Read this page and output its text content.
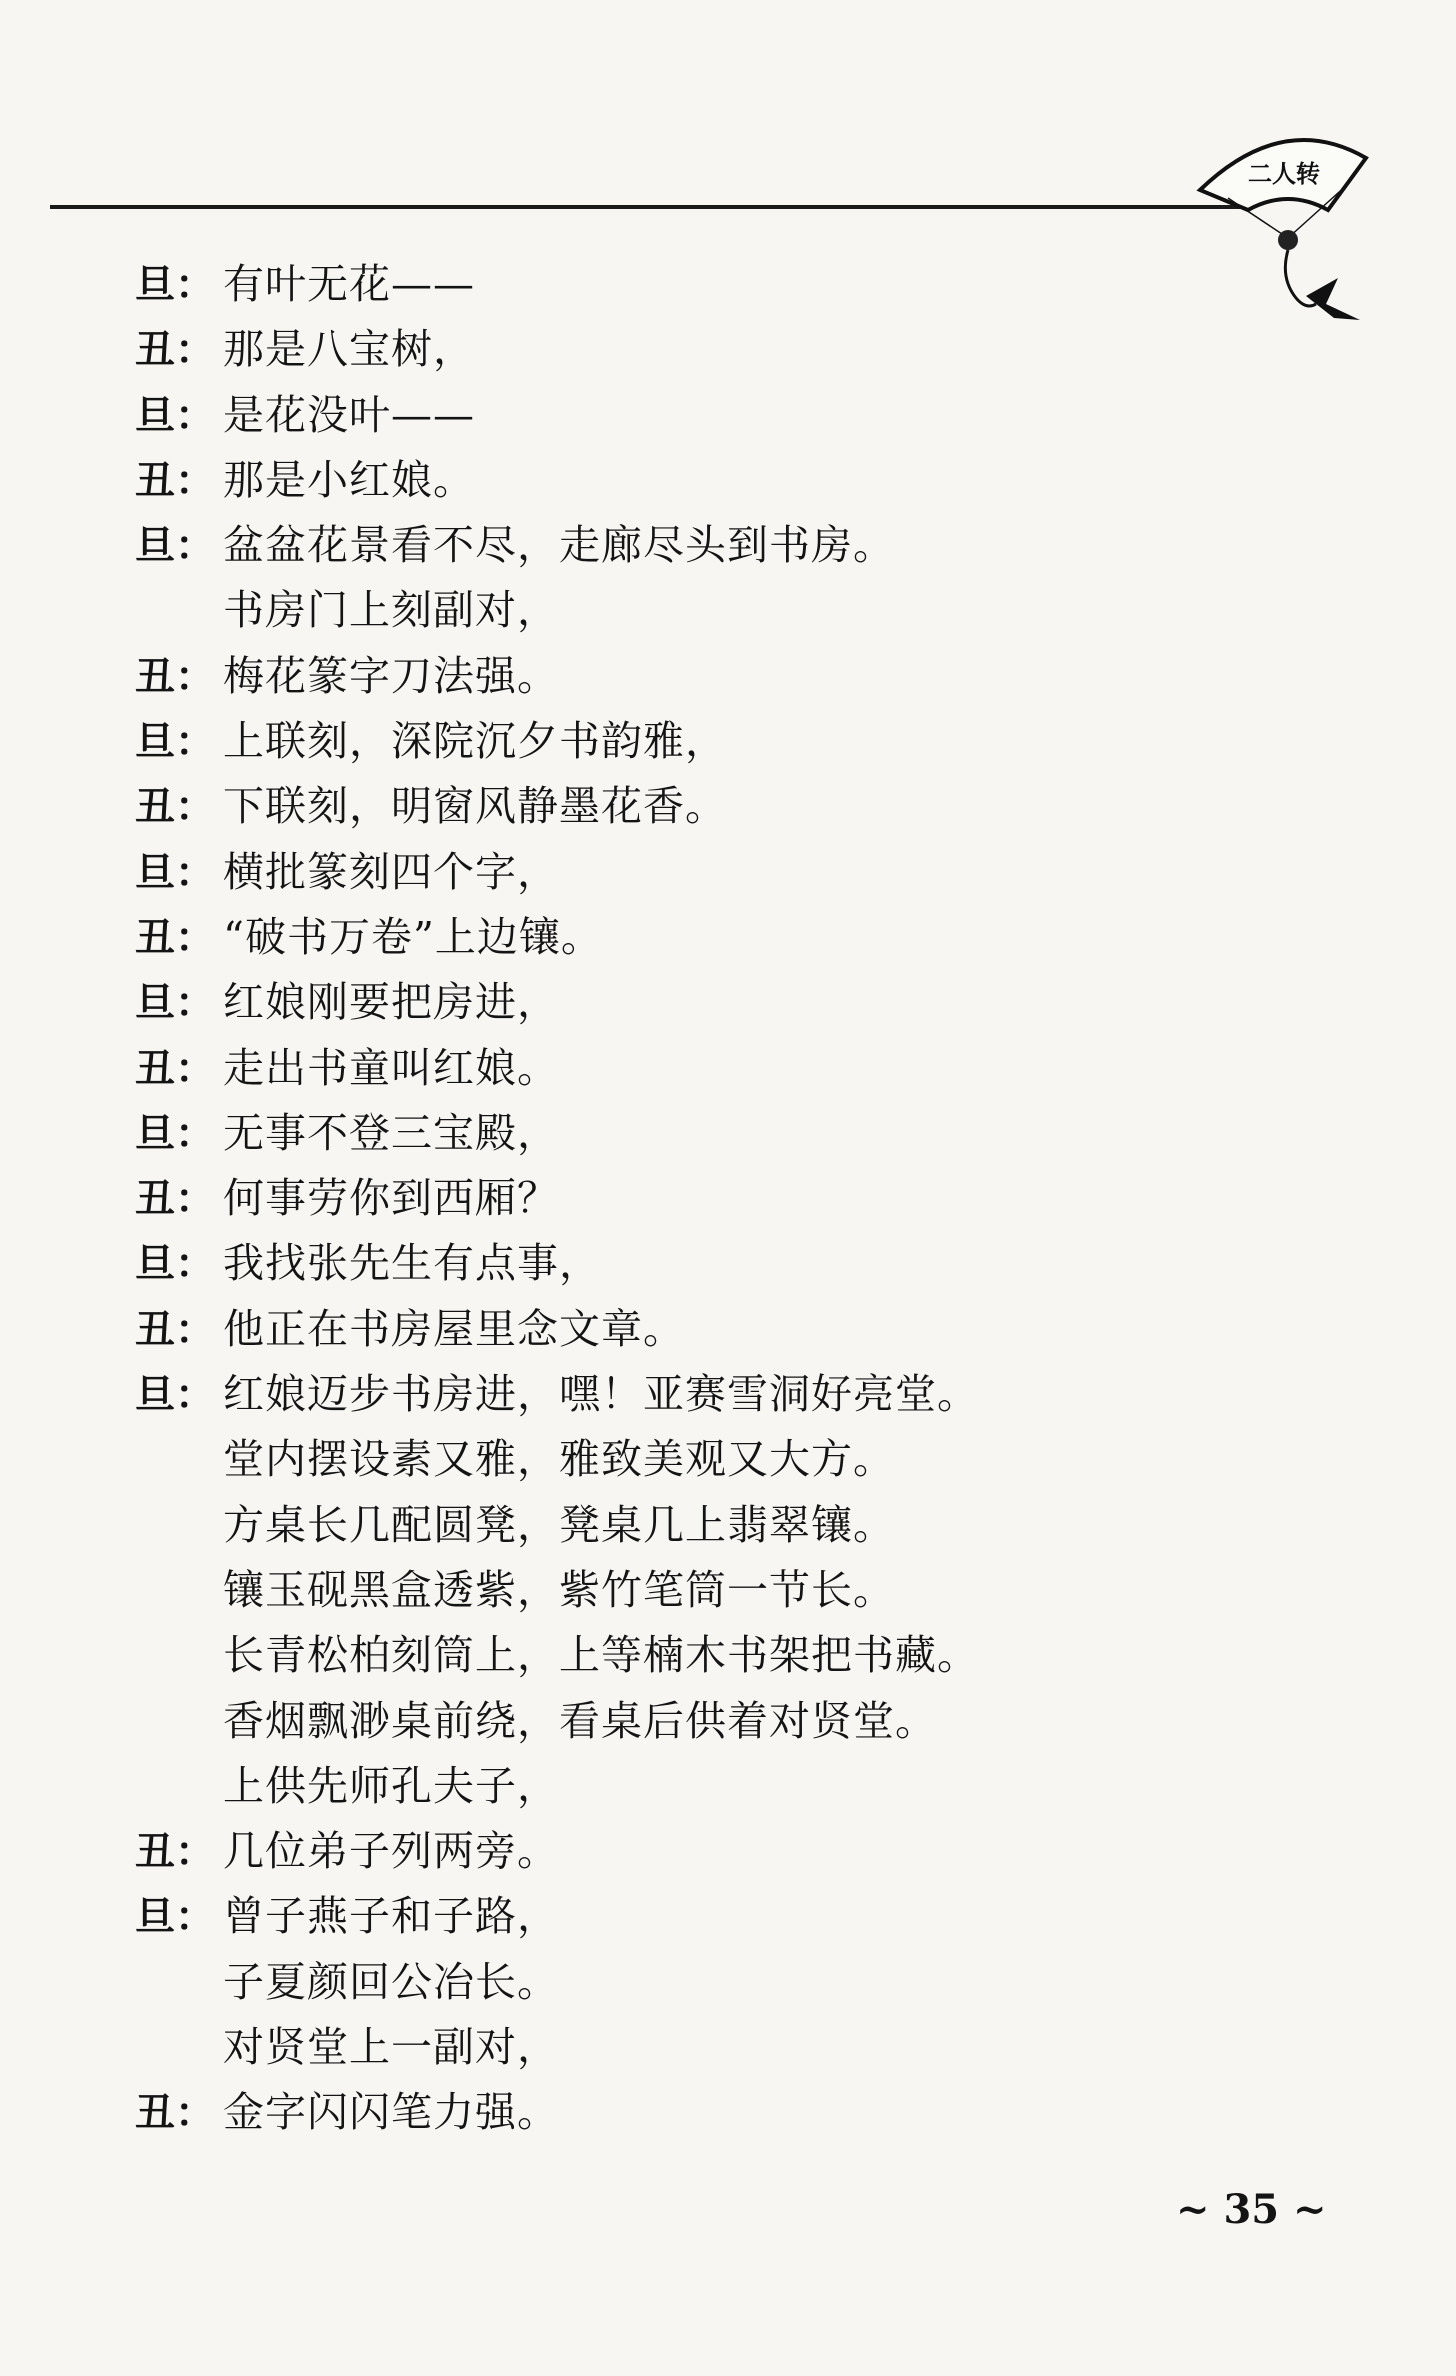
二人转
旦： 有叶无花——
丑： 那是八宝树，
旦： 是花没叶——
丑： 那是小红娘。
旦： 盆盆花景看不尽，走廊尽头到书房。
书房门上刻副对，
丑： 梅花篆字刀法强。
旦： 上联刻，深院沉夕书韵雅，
丑： 下联刻，明窗风静墨花香。
旦： 横批篆刻四个字，
丑： “破书万卷”上边镶。
旦： 红娘刚要把房进，
丑： 走出书童叫红娘。
旦： 无事不登三宝殿，
丑： 何事劳你到西厢？
旦： 我找张先生有点事，
丑： 他正在书房屋里念文章。
旦： 红娘迈步书房进，嘿！亚赛雪洞好亮堂。
堂内摆设素又雅，雅致美观又大方。
方桌长几配圆凳，凳桌几上翡翠镶。
镶玉砚黑盒透紫，紫竹笔筒一节长。
长青松柏刻筒上，上等楠木书架把书藏。
香烟飘渺桌前绕，看桌后供着对贤堂。
上供先师孔夫子，
丑： 几位弟子列两旁。
旦： 曾子燕子和子路，
子夏颜回公冶长。
对贤堂上一副对，
丑： 金字闪闪笔力强。
~ 35 ~
